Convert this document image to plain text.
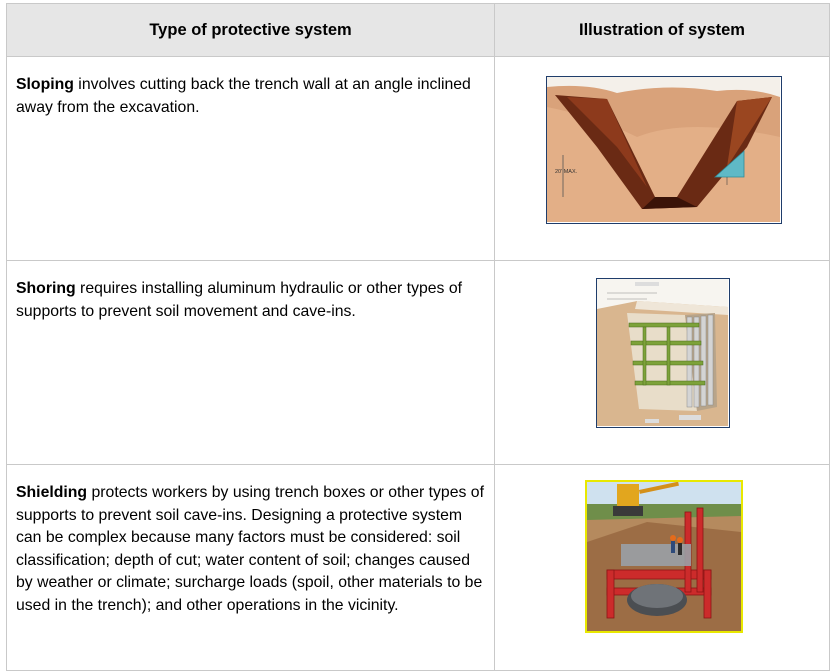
Type of protective system	Illustration of system
Sloping involves cutting back the trench wall at an angle inclined away from the excavation.	20' MAX.

Shoring requires installing aluminum hydraulic or other types of supports to prevent soil movement and cave-ins.	

Shielding protects workers by using trench boxes or other types of supports to prevent soil cave-ins. Designing a protective system can be complex because many factors must be considered: soil classification; depth of cut; water content of soil; changes caused by weather or climate; surcharge loads (spoil, other materials to be used in the trench); and other operations in the vicinity.	
